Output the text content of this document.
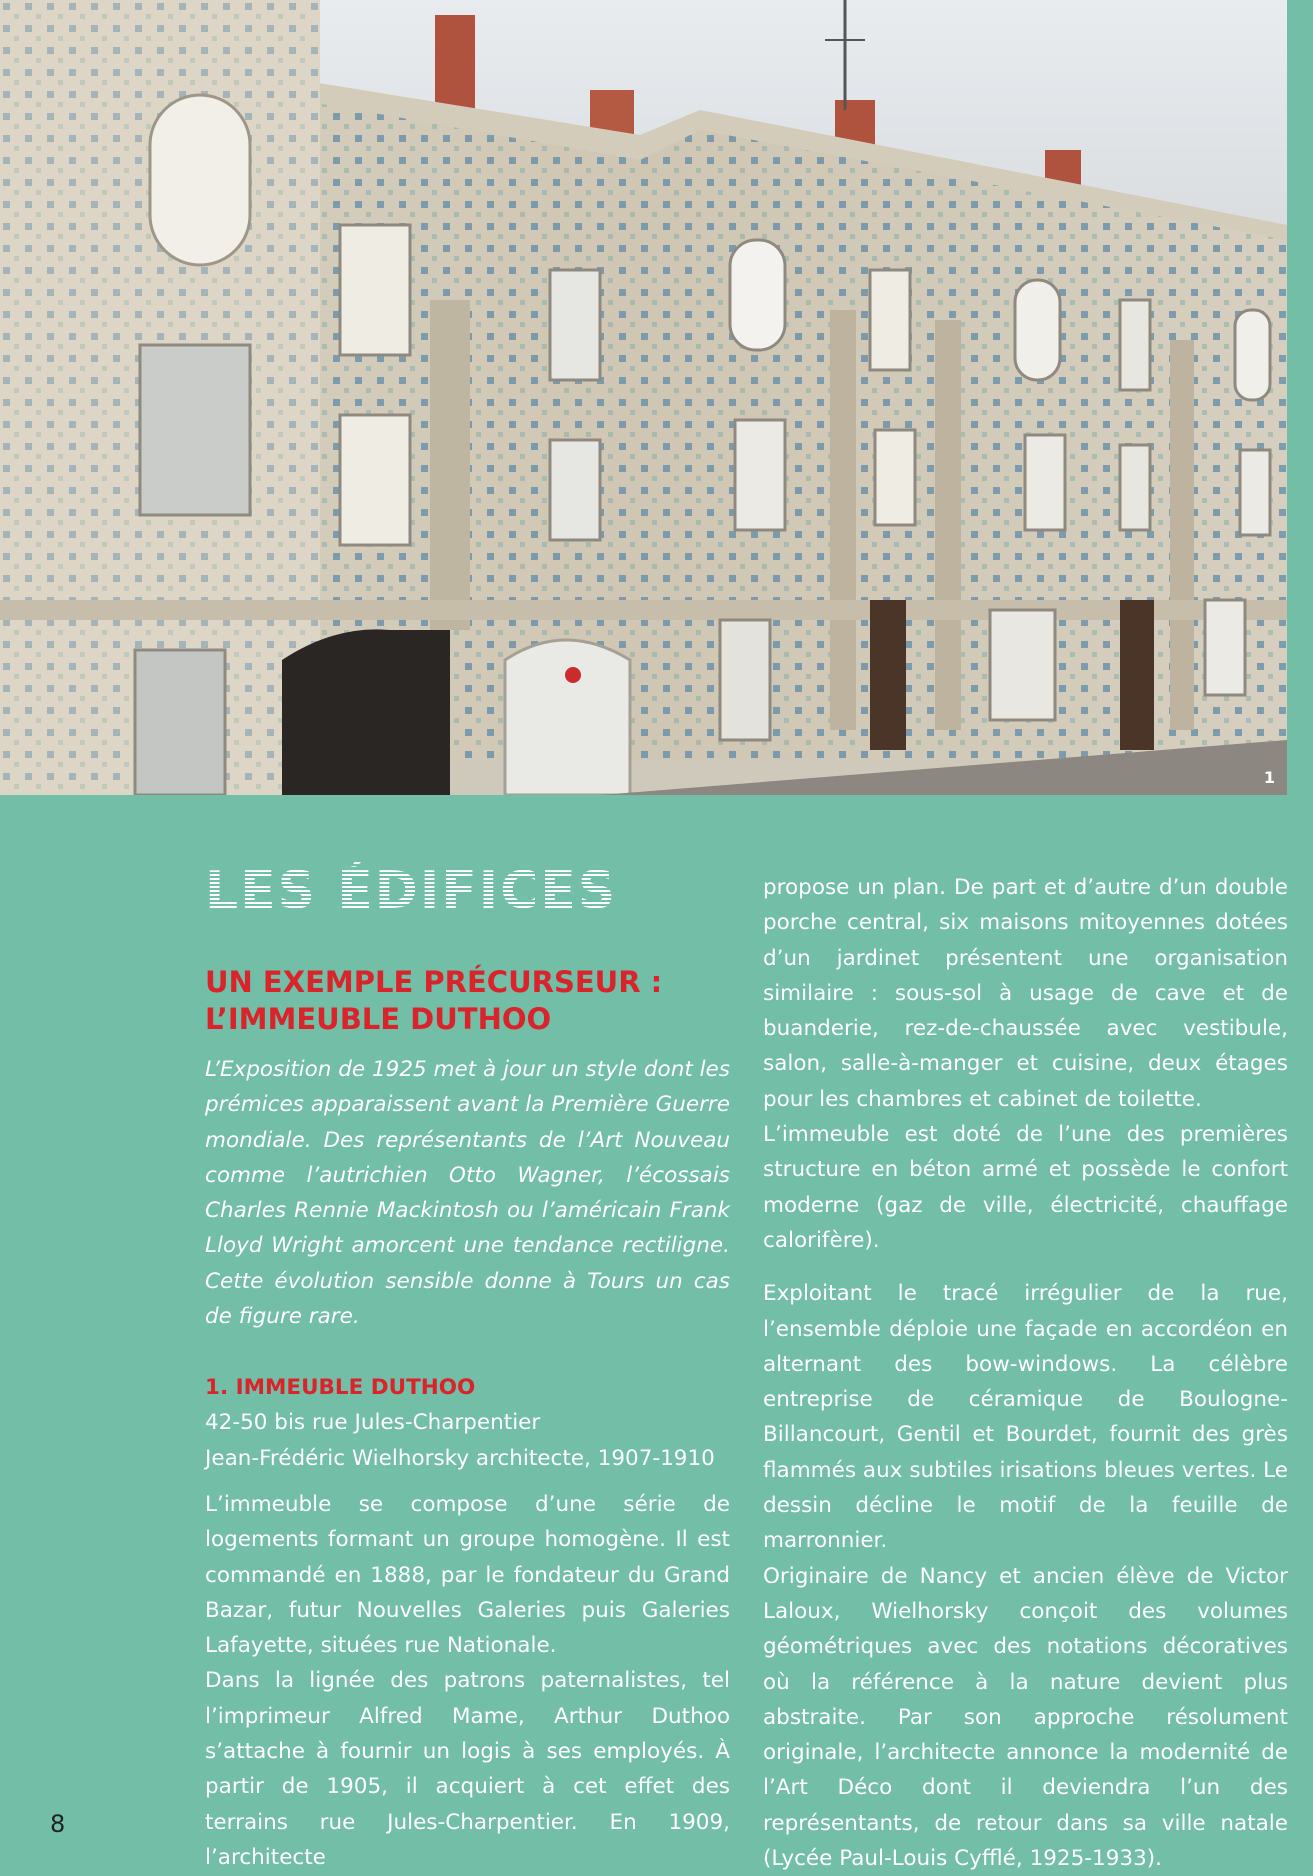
1
LES ÉDIFICES
UN EXEMPLE PRÉCURSEUR :
L’IMMEUBLE DUTHOO

L’Exposition de 1925 met à jour un style dont les prémices apparaissent avant la Première Guerre mondiale. Des représentants de l’Art Nouveau comme l’autrichien Otto Wagner, l’écossais Charles Rennie Mackintosh ou l’américain Frank Lloyd Wright amorcent une tendance rectiligne. Cette évolution sensible donne à Tours un cas de figure rare.

1. IMMEUBLE DUTHOO

42-50 bis rue Jules-Charpentier

Jean-Frédéric Wielhorsky architecte, 1907-1910

L’immeuble se compose d’une série de logements formant un groupe homogène. Il est commandé en 1888, par le fondateur du Grand Bazar, futur Nouvelles Galeries puis Galeries Lafayette, situées rue Nationale.

Dans la lignée des patrons paternalistes, tel l’imprimeur Alfred Mame, Arthur Duthoo s’attache à fournir un logis à ses employés. À partir de 1905, il acquiert à cet effet des terrains rue Jules-Charpentier. En 1909, l’architecte

propose un plan. De part et d’autre d’un double porche central, six maisons mitoyennes dotées d’un jardinet présentent une organisation similaire : sous-sol à usage de cave et de buanderie, rez-de-chaussée avec vestibule, salon, salle-à-manger et cuisine, deux étages pour les chambres et cabinet de toilette.

L’immeuble est doté de l’une des premières structure en béton armé et possède le confort moderne (gaz de ville, électricité, chauffage calorifère).

Exploitant le tracé irrégulier de la rue, l’ensemble déploie une façade en accordéon en alternant des bow-windows. La célèbre entreprise de céramique de Boulogne-Billancourt, Gentil et Bourdet, fournit des grès flammés aux subtiles irisations bleues vertes. Le dessin décline le motif de la feuille de marronnier.

Originaire de Nancy et ancien élève de Victor Laloux, Wielhorsky conçoit des volumes géométriques avec des notations décoratives où la référence à la nature devient plus abstraite. Par son approche résolument originale, l’architecte annonce la modernité de l’Art Déco dont il deviendra l’un des représentants, de retour dans sa ville natale (Lycée Paul-Louis Cyfflé, 1925-1933).

8
